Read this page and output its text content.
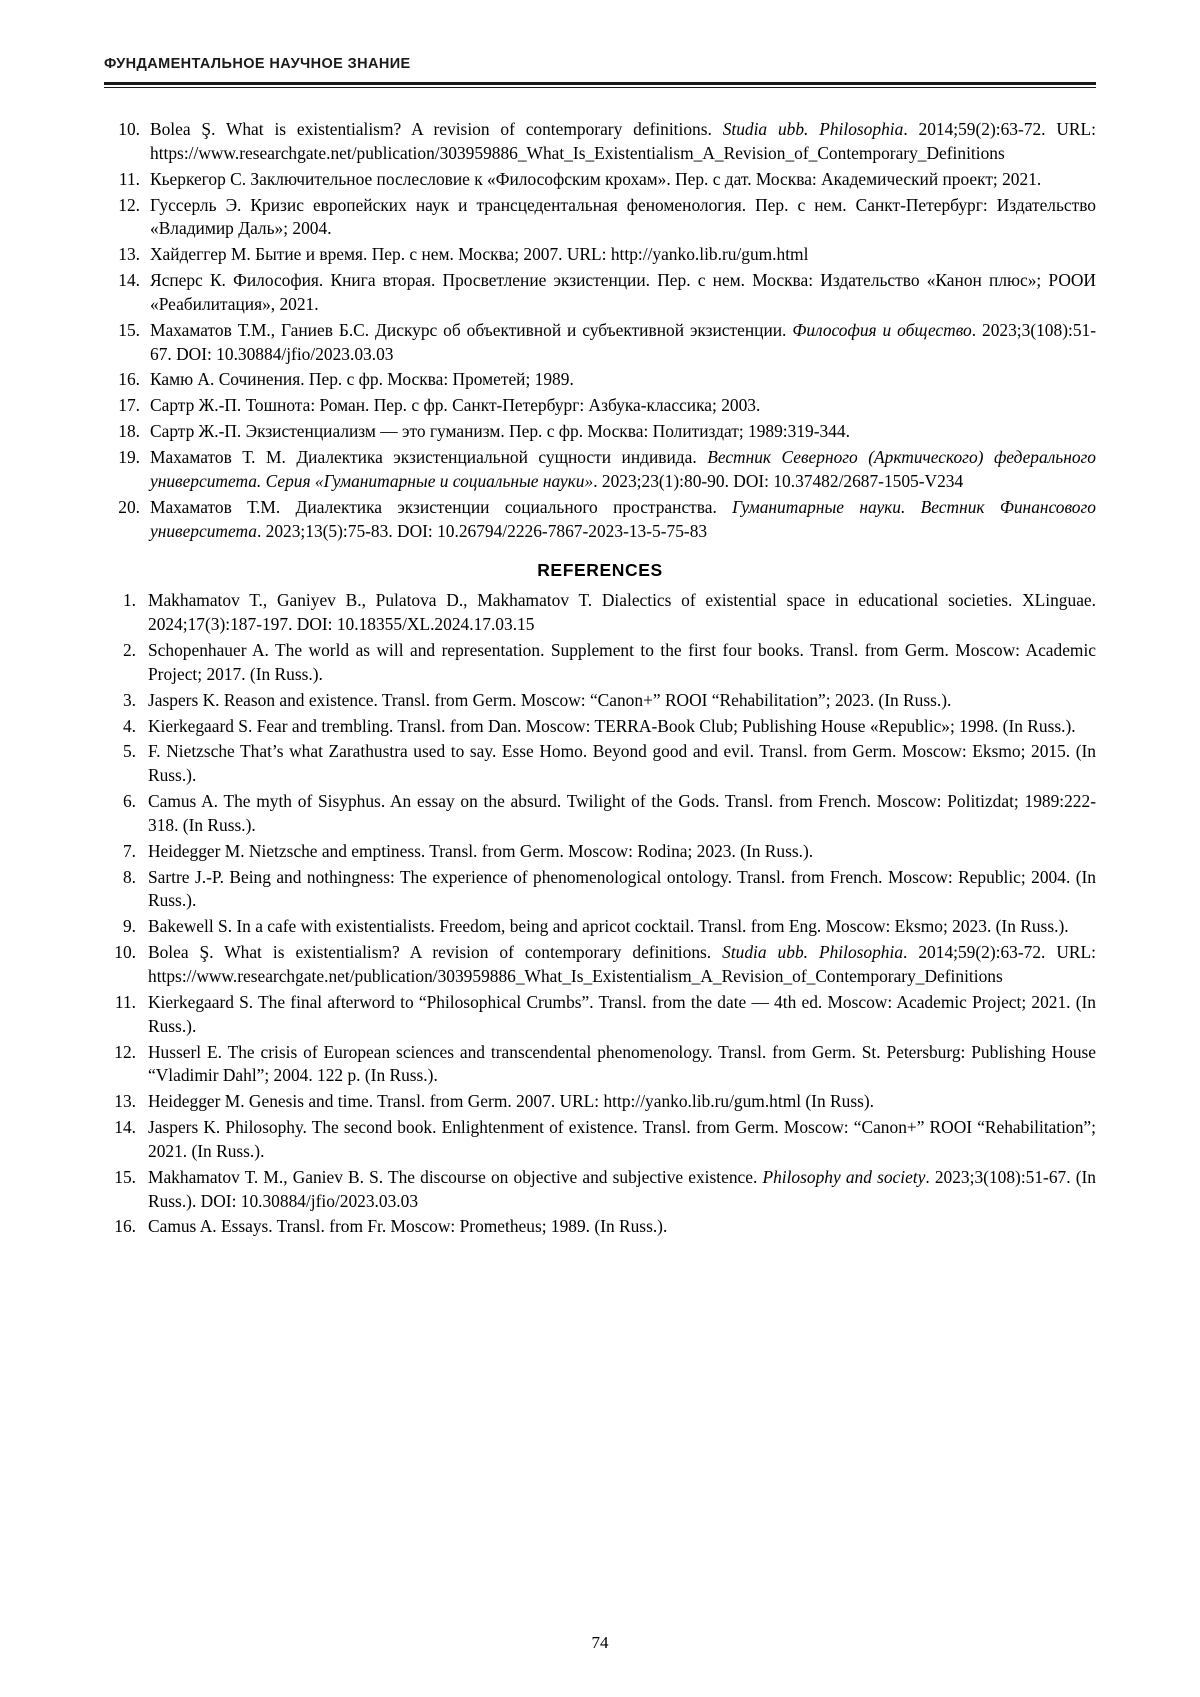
ФУНДАМЕНТАЛЬНОЕ НАУЧНОЕ ЗНАНИЕ
10. Bolea Ş. What is existentialism? A revision of contemporary definitions. Studia ubb. Philosophia. 2014;59(2):63-72. URL: https://www.researchgate.net/publication/303959886_What_Is_Existentialism_A_Revision_of_Contemporary_Definitions
11. Кьеркегор С. Заключительное послесловие к «Философским крохам». Пер. с дат. Москва: Академический проект; 2021.
12. Гуссерль Э. Кризис европейских наук и трансцедентальная феноменология. Пер. с нем. Санкт-Петербург: Издательство «Владимир Даль»; 2004.
13. Хайдеггер М. Бытие и время. Пер. с нем. Москва; 2007. URL: http://yanko.lib.ru/gum.html
14. Ясперс К. Философия. Книга вторая. Просветление экзистенции. Пер. с нем. Москва: Издательство «Канон плюс»; РООИ «Реабилитация», 2021.
15. Махаматов Т.М., Ганиев Б.С. Дискурс об объективной и субъективной экзистенции. Философия и общество. 2023;3(108):51-67. DOI: 10.30884/jfio/2023.03.03
16. Камю А. Сочинения. Пер. с фр. Москва: Прометей; 1989.
17. Сартр Ж.-П. Тошнота: Роман. Пер. с фр. Санкт-Петербург: Азбука-классика; 2003.
18. Сартр Ж.-П. Экзистенциализм — это гуманизм. Пер. с фр. Москва: Политиздат; 1989:319-344.
19. Махаматов Т. М. Диалектика экзистенциальной сущности индивида. Вестник Северного (Арктического) федерального университета. Серия «Гуманитарные и социальные науки». 2023;23(1):80-90. DOI: 10.37482/2687-1505-V234
20. Махаматов Т.М. Диалектика экзистенции социального пространства. Гуманитарные науки. Вестник Финансового университета. 2023;13(5):75-83. DOI: 10.26794/2226-7867-2023-13-5-75-83
REFERENCES
1. Makhamatov T., Ganiyev B., Pulatova D., Makhamatov T. Dialectics of existential space in educational societies. XLinguae. 2024;17(3):187-197. DOI: 10.18355/XL.2024.17.03.15
2. Schopenhauer A. The world as will and representation. Supplement to the first four books. Transl. from Germ. Moscow: Academic Project; 2017. (In Russ.).
3. Jaspers K. Reason and existence. Transl. from Germ. Moscow: “Canon+” ROOI “Rehabilitation”; 2023. (In Russ.).
4. Kierkegaard S. Fear and trembling. Transl. from Dan. Moscow: TERRA-Book Club; Publishing House «Republic»; 1998. (In Russ.).
5. F. Nietzsche That’s what Zarathustra used to say. Esse Homo. Beyond good and evil. Transl. from Germ. Moscow: Eksmo; 2015. (In Russ.).
6. Camus A. The myth of Sisyphus. An essay on the absurd. Twilight of the Gods. Transl. from French. Moscow: Politizdat; 1989:222-318. (In Russ.).
7. Heidegger M. Nietzsche and emptiness. Transl. from Germ. Moscow: Rodina; 2023. (In Russ.).
8. Sartre J.-P. Being and nothingness: The experience of phenomenological ontology. Transl. from French. Moscow: Republic; 2004. (In Russ.).
9. Bakewell S. In a cafe with existentialists. Freedom, being and apricot cocktail. Transl. from Eng. Moscow: Eksmo; 2023. (In Russ.).
10. Bolea Ş. What is existentialism? A revision of contemporary definitions. Studia ubb. Philosophia. 2014;59(2):63-72. URL: https://www.researchgate.net/publication/303959886_What_Is_Existentialism_A_Revision_of_Contemporary_Definitions
11. Kierkegaard S. The final afterword to “Philosophical Crumbs”. Transl. from the date — 4th ed. Moscow: Academic Project; 2021. (In Russ.).
12. Husserl E. The crisis of European sciences and transcendental phenomenology. Transl. from Germ. St. Petersburg: Publishing House “Vladimir Dahl”; 2004. 122 p. (In Russ.).
13. Heidegger M. Genesis and time. Transl. from Germ. 2007. URL: http://yanko.lib.ru/gum.html (In Russ).
14. Jaspers K. Philosophy. The second book. Enlightenment of existence. Transl. from Germ. Moscow: “Canon+” ROOI “Rehabilitation”; 2021. (In Russ.).
15. Makhamatov T. M., Ganiev B. S. The discourse on objective and subjective existence. Philosophy and society. 2023;3(108):51-67. (In Russ.). DOI: 10.30884/jfio/2023.03.03
16. Camus A. Essays. Transl. from Fr. Moscow: Prometheus; 1989. (In Russ.).
74
